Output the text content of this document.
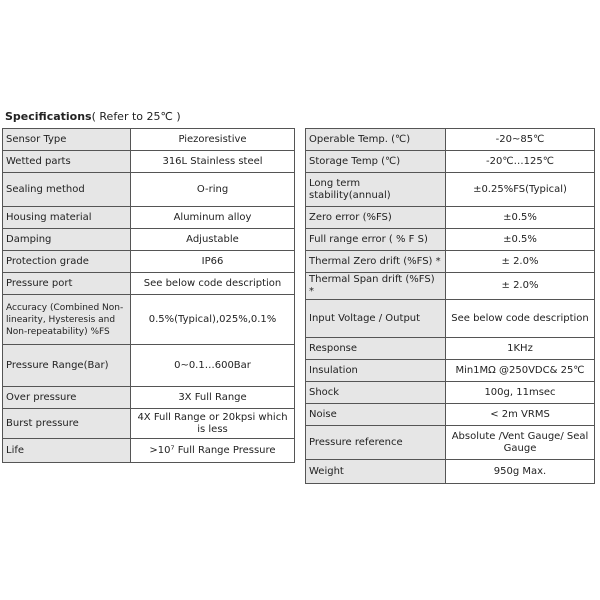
Specifications( Refer to 25℃ )
Sensor Type	Piezoresistive
Wetted parts	316L Stainless steel
Sealing method	O-ring
Housing material	Aluminum alloy
Damping	Adjustable
Protection grade	IP66
Pressure port	See below code description
Accuracy (Combined Non-linearity, Hysteresis and Non-repeatability) %FS	0.5%(Typical),025%,0.1%
Pressure Range(Bar)	0~0.1…600Bar
Over pressure	3X Full Range
Burst pressure	4X Full Range or 20kpsi which is less
Life	>10⁷ Full Range Pressure
Operable Temp. (℃)	-20~85℃
Storage Temp (℃)	-20℃…125℃
Long term stability(annual)	±0.25%FS(Typical)
Zero error (%FS)	±0.5%
Full range error ( % F S)	±0.5%
Thermal Zero drift (%FS) *	± 2.0%
Thermal Span drift (%FS) *	± 2.0%
Input Voltage / Output	See below code description
Response	1KHz
Insulation	Min1MΩ @250VDC& 25℃
Shock	100g, 11msec
Noise	< 2m VRMS
Pressure reference	Absolute /Vent Gauge/ Seal Gauge
Weight	950g Max.
